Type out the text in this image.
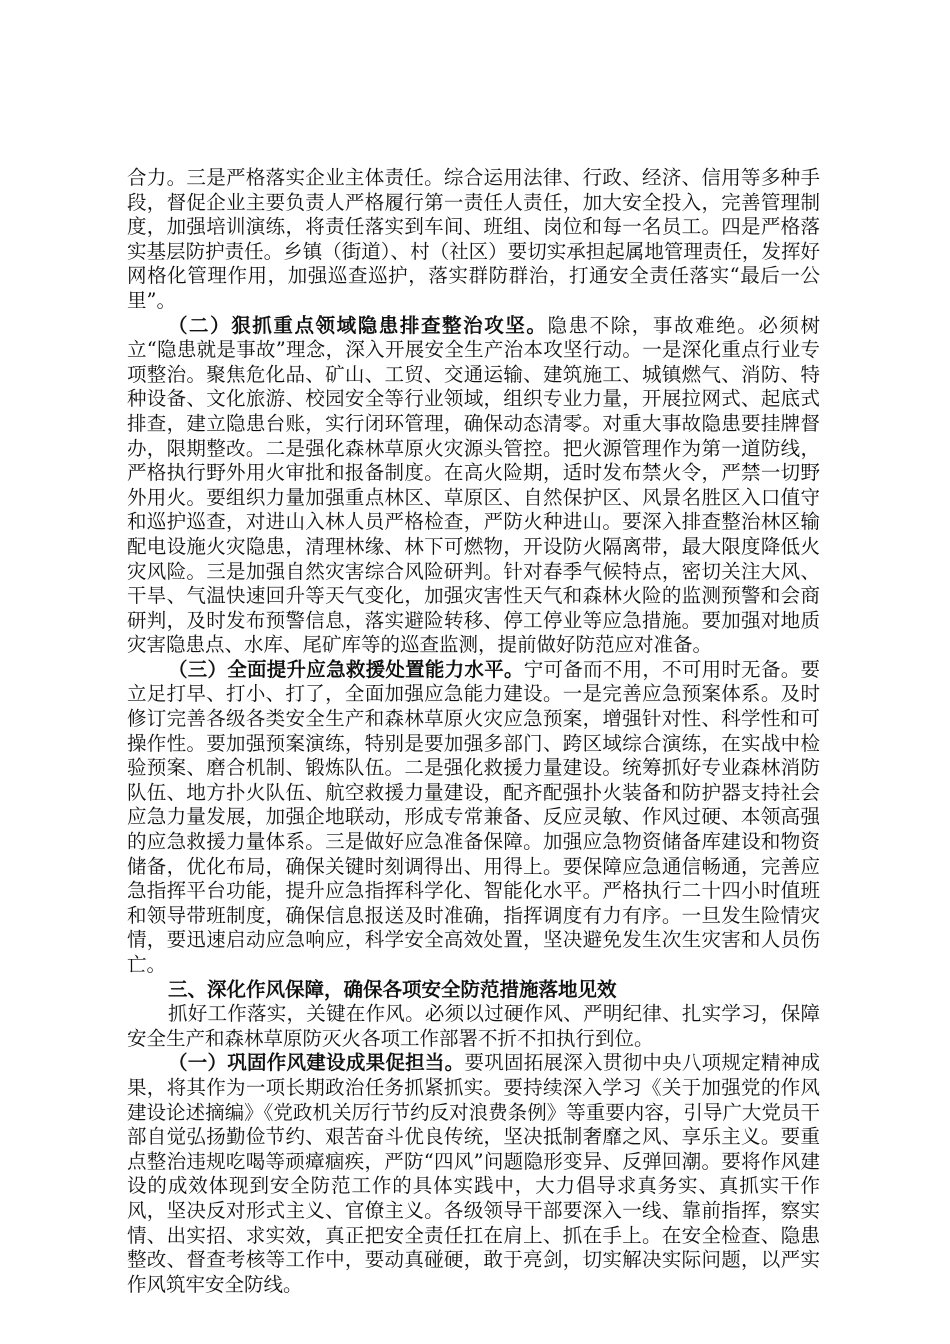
合力。三是严格落实企业主体责任。综合运用法律、行政、经济、信用等多种手段，督促企业主要负责人严格履行第一责任人责任，加大安全投入，完善管理制度，加强培训演练，将责任落实到车间、班组、岗位和每一名员工。四是严格落实基层防护责任。乡镇（街道）、村（社区）要切实承担起属地管理责任，发挥好网格化管理作用，加强巡查巡护，落实群防群治，打通安全责任落实“最后一公里”。

（二）狠抓重点领域隐患排查整治攻坚。隐患不除，事故难绝。必须树立“隐患就是事故”理念，深入开展安全生产治本攻坚行动。一是深化重点行业专项整治。聚焦危化品、矿山、工贸、交通运输、建筑施工、城镇燃气、消防、特种设备、文化旅游、校园安全等行业领域，组织专业力量，开展拉网式、起底式排查，建立隐患台账，实行闭环管理，确保动态清零。对重大事故隐患要挂牌督办，限期整改。二是强化森林草原火灾源头管控。把火源管理作为第一道防线，严格执行野外用火审批和报备制度。在高火险期，适时发布禁火令，严禁一切野外用火。要组织力量加强重点林区、草原区、自然保护区、风景名胜区入口值守和巡护巡查，对进山入林人员严格检查，严防火种进山。要深入排查整治林区输配电设施火灾隐患，清理林缘、林下可燃物，开设防火隔离带，最大限度降低火灾风险。三是加强自然灾害综合风险研判。针对春季气候特点，密切关注大风、干旱、气温快速回升等天气变化，加强灾害性天气和森林火险的监测预警和会商研判，及时发布预警信息，落实避险转移、停工停业等应急措施。要加强对地质灾害隐患点、水库、尾矿库等的巡查监测，提前做好防范应对准备。

（三）全面提升应急救援处置能力水平。宁可备而不用，不可用时无备。要立足打早、打小、打了，全面加强应急能力建设。一是完善应急预案体系。及时修订完善各级各类安全生产和森林草原火灾应急预案，增强针对性、科学性和可操作性。要加强预案演练，特别是要加强多部门、跨区域综合演练，在实战中检验预案、磨合机制、锻炼队伍。二是强化救援力量建设。统筹抓好专业森林消防队伍、地方扑火队伍、航空救援力量建设，配齐配强扑火装备和防护器支持社会应急力量发展，加强企地联动，形成专常兼备、反应灵敏、作风过硬、本领高强的应急救援力量体系。三是做好应急准备保障。加强应急物资储备库建设和物资储备，优化布局，确保关键时刻调得出、用得上。要保障应急通信畅通，完善应急指挥平台功能，提升应急指挥科学化、智能化水平。严格执行二十四小时值班和领导带班制度，确保信息报送及时准确，指挥调度有力有序。一旦发生险情灾情，要迅速启动应急响应，科学安全高效处置，坚决避免发生次生灾害和人员伤亡。

三、深化作风保障，确保各项安全防范措施落地见效

抓好工作落实，关键在作风。必须以过硬作风、严明纪律、扎实学习，保障安全生产和森林草原防灭火各项工作部署不折不扣执行到位。

（一）巩固作风建设成果促担当。要巩固拓展深入贯彻中央八项规定精神成果，将其作为一项长期政治任务抓紧抓实。要持续深入学习《关于加强党的作风建设论述摘编》《党政机关厉行节约反对浪费条例》等重要内容，引导广大党员干部自觉弘扬勤俭节约、艰苦奋斗优良传统，坚决抵制奢靡之风、享乐主义。要重点整治违规吃喝等顽瘴痼疾，严防“四风”问题隐形变异、反弹回潮。要将作风建设的成效体现到安全防范工作的具体实践中，大力倡导求真务实、真抓实干作风，坚决反对形式主义、官僚主义。各级领导干部要深入一线、靠前指挥，察实情、出实招、求实效，真正把安全责任扛在肩上、抓在手上。在安全检查、隐患整改、督查考核等工作中，要动真碰硬，敢于亮剑，切实解决实际问题，以严实作风筑牢安全防线。
